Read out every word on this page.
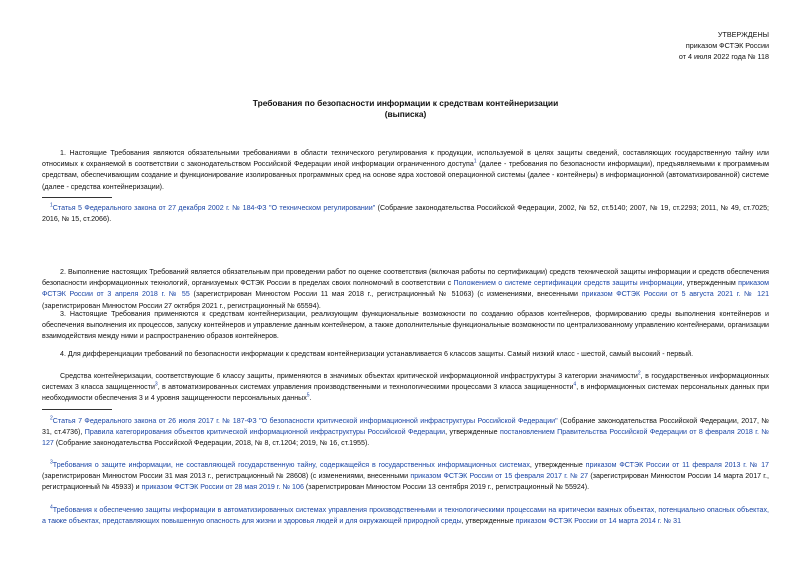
УТВЕРЖДЕНЫ
приказом ФСТЭК России
от 4 июля 2022 года № 118
Требования по безопасности информации к средствам контейнеризации
(выписка)

1. Настоящие Требования являются обязательными требованиями в области технического регулирования к продукции, используемой в целях защиты сведений, составляющих государственную тайну или относимых к охраняемой в соответствии с законодательством Российской Федерации иной информации ограниченного доступа$^1$ (далее - требования по безопасности информации), предъявляемыми к программным средствам, обеспечивающим создание и функционирование изолированных программных сред на основе ядра хостовой операционной системы (далее - контейнеры) в информационной (автоматизированной) системе (далее - средства контейнеризации).

$^1$Статья 5 Федерального закона от 27 декабря 2002 г. № 184-ФЗ "О техническом регулировании" (Собрание законодательства Российской Федерации, 2002, № 52, ст.5140; 2007, № 19, ст.2293; 2011, № 49, ст.7025; 2016, № 15, ст.2066).

2. Выполнение настоящих Требований является обязательным при проведении работ по оценке соответствия (включая работы по сертификации) средств технической защиты информации и средств обеспечения безопасности информационных технологий, организуемых ФСТЭК России в пределах своих полномочий в соответствии с Положением о системе сертификации средств защиты информации, утвержденным приказом ФСТЭК России от 3 апреля 2018 г. № 55 (зарегистрирован Минюстом России 11 мая 2018 г., регистрационный № 51063) (с изменениями, внесенными приказом ФСТЭК России от 5 августа 2021 г. № 121 (зарегистрирован Минюстом России 27 октября 2021 г., регистрационный № 65594).

3. Настоящие Требования применяются к средствам контейнеризации, реализующим функциональные возможности по созданию образов контейнеров, формированию среды выполнения контейнеров и обеспечения выполнения их процессов, запуску контейнеров и управление данным контейнером, а также дополнительные функциональные возможности по централизованному управлению контейнерами, организации взаимодействия между ними и распространению образов контейнеров.

4. Для дифференциации требований по безопасности информации к средствам контейнеризации устанавливается 6 классов защиты. Самый низкий класс - шестой, самый высокий - первый.

Средства контейнеризации, соответствующие 6 классу защиты, применяются в значимых объектах критической информационной инфраструктуры 3 категории значимости$^2$, в государственных информационных системах 3 класса защищенности$^3$, в автоматизированных системах управления производственными и технологическими процессами 3 класса защищенности$^4$, в информационных системах персональных данных при необходимости обеспечения 3 и 4 уровня защищенности персональных данных$^5$.

$^2$Статья 7 Федерального закона от 26 июля 2017 г. № 187-ФЗ "О безопасности критической информационной инфраструктуры Российской Федерации" (Собрание законодательства Российской Федерации, 2017, № 31, ст.4736), Правила категорирования объектов критической информационной инфраструктуры Российской Федерации, утвержденные постановлением Правительства Российской Федерации от 8 февраля 2018 г. № 127 (Собрание законодательства Российской Федерации, 2018, № 8, ст.1204; 2019, № 16, ст.1955).

$^3$Требования о защите информации, не составляющей государственную тайну, содержащейся в государственных информационных системах, утвержденные приказом ФСТЭК России от 11 февраля 2013 г. № 17 (зарегистрирован Минюстом России 31 мая 2013 г., регистрационный № 28608) (с изменениями, внесенными приказом ФСТЭК России от 15 февраля 2017 г. № 27 (зарегистрирован Минюстом России 14 марта 2017 г., регистрационный № 45933) и приказом ФСТЭК России от 28 мая 2019 г. № 106 (зарегистрирован Минюстом России 13 сентября 2019 г., регистрационный № 55924).

$^4$Требования к обеспечению защиты информации в автоматизированных системах управления производственными и технологическими процессами на критически важных объектах, потенциально опасных объектах, а также объектах, представляющих повышенную опасность для жизни и здоровья людей и для окружающей природной среды, утвержденные приказом ФСТЭК России от 14 марта 2014 г. № 31
